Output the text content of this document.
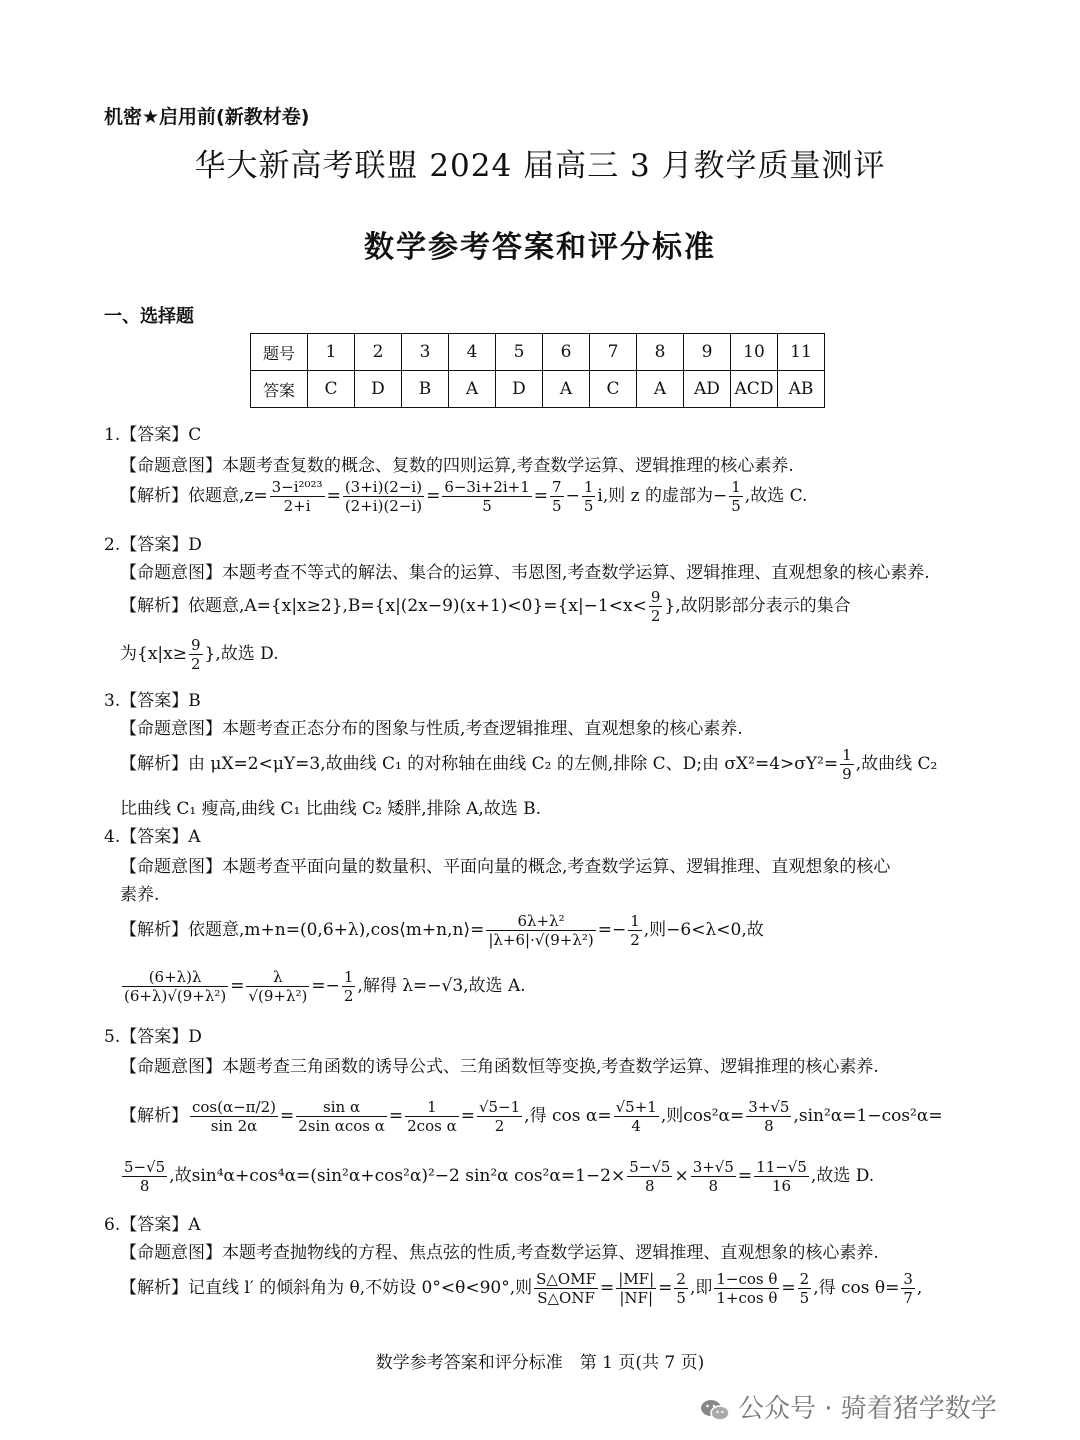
机密★启用前(新教材卷)
华大新高考联盟 2024 届高三 3 月教学质量测评
数学参考答案和评分标准
一、选择题
题号	1	2	3	4	5	6	7	8	9	10	11
答案	C	D	B	A	D	A	C	A	AD	ACD	AB
1.【答案】C
【命题意图】本题考查复数的概念、复数的四则运算,考查数学运算、逻辑推理的核心素养.
【解析】依题意$,z= \frac{\text{3−i²⁰²³}}{2+i} = \frac{(3+i)(2-i)}{(2+i)(2-i)} = \frac{6-3i+2i+1}{5} = \frac{7}{5} - \frac{1}{5} i$,则 z 的虚部为− $\frac{1}{5}$ ,故选 C.
2.【答案】D
【命题意图】本题考查不等式的解法、集合的运算、韦恩图,考查数学运算、逻辑推理、直观想象的核心素养.
【解析】依题意$,A=\{x|x\ge 2\},B=\{x|(2x-9)(x+1)<0\}=\{x|-1<x< \frac{9}{2}$ },故阴影部分表示的集合
为{$x|x\ge \frac{9}{2}$ },故选 D.
3.【答案】B
【命题意图】本题考查正态分布的图象与性质,考查逻辑推理、直观想象的核心素养.
【解析】由 μX=2<μY=3,故曲线 C₁ 的对称轴在曲线 C₂ 的左侧,排除 C、D;由 $\sigma X^2=4>\sigma Y^2= \frac{1}{9}$ ,故曲线 C₂
比曲线 C₁ 瘦高,曲线 C₁ 比曲线 C₂ 矮胖,排除 A,故选 B.
4.【答案】A
【命题意图】本题考查平面向量的数量积、平面向量的概念,考查数学运算、逻辑推理、直观想象的核心
素养.
【解析】依题意,m+n=(0,6+λ),cos⟨m+n,n⟩= $\frac{\text{6λ+λ²}}{\text{|λ+6|·√(9+λ²)}} =- \frac{1}{2}$ ,则−6<λ<0,故
$\frac{(6+\lambda)\lambda}{\text{(6+λ)√(9+λ²)}} = \frac{\lambda}{\text{√(9+λ²)}} =- \frac{1}{2}$ ,解得 λ=−√3,故选 A.
5.【答案】D
【命题意图】本题考查三角函数的诱导公式、三角函数恒等变换,考查数学运算、逻辑推理的核心素养.
【解析】 $\frac{\cos(\alpha-\pi/2)}{\sin 2\alpha} = \frac{\text{sin α}}{\text{2sin αcos α}} = \frac{1}{\text{2cos α}} = \frac{√5-1}{2}$ ,得 $\cos \alpha= \frac{√5+1}{4}$ ,则$\cos^2\alpha= \frac{3+√5}{8} ,\sin^2\alpha=1-\cos^2\alpha=$
$\frac{5-√5}{8}$ ,故sin⁴α+cos⁴α=(sin²α+cos²α)²−2 sin²α $\cos^2\alpha=1-2\times \frac{5-√5}{8} \times \frac{3+√5}{8} = \frac{11-√5}{16}$ ,故选 D.
6.【答案】A
【命题意图】本题考查抛物线的方程、焦点弦的性质,考查数学运算、逻辑推理、直观想象的核心素养.
【解析】记直线 l′ 的倾斜角为 θ,不妨设 0°<θ<90°,则 $\frac{\text{S△OMF}}{\text{S△ONF}} = \frac{|MF|}{|NF|} = \frac{2}{5}$ ,即 $\frac{\text{1−cos θ}}{\text{1+cos θ}} = \frac{2}{5}$ ,得 $\cos \theta= \frac{3}{7}$ ,
数学参考答案和评分标准　第 1 页(共 7 页)
公众号 · 骑着猪学数学
